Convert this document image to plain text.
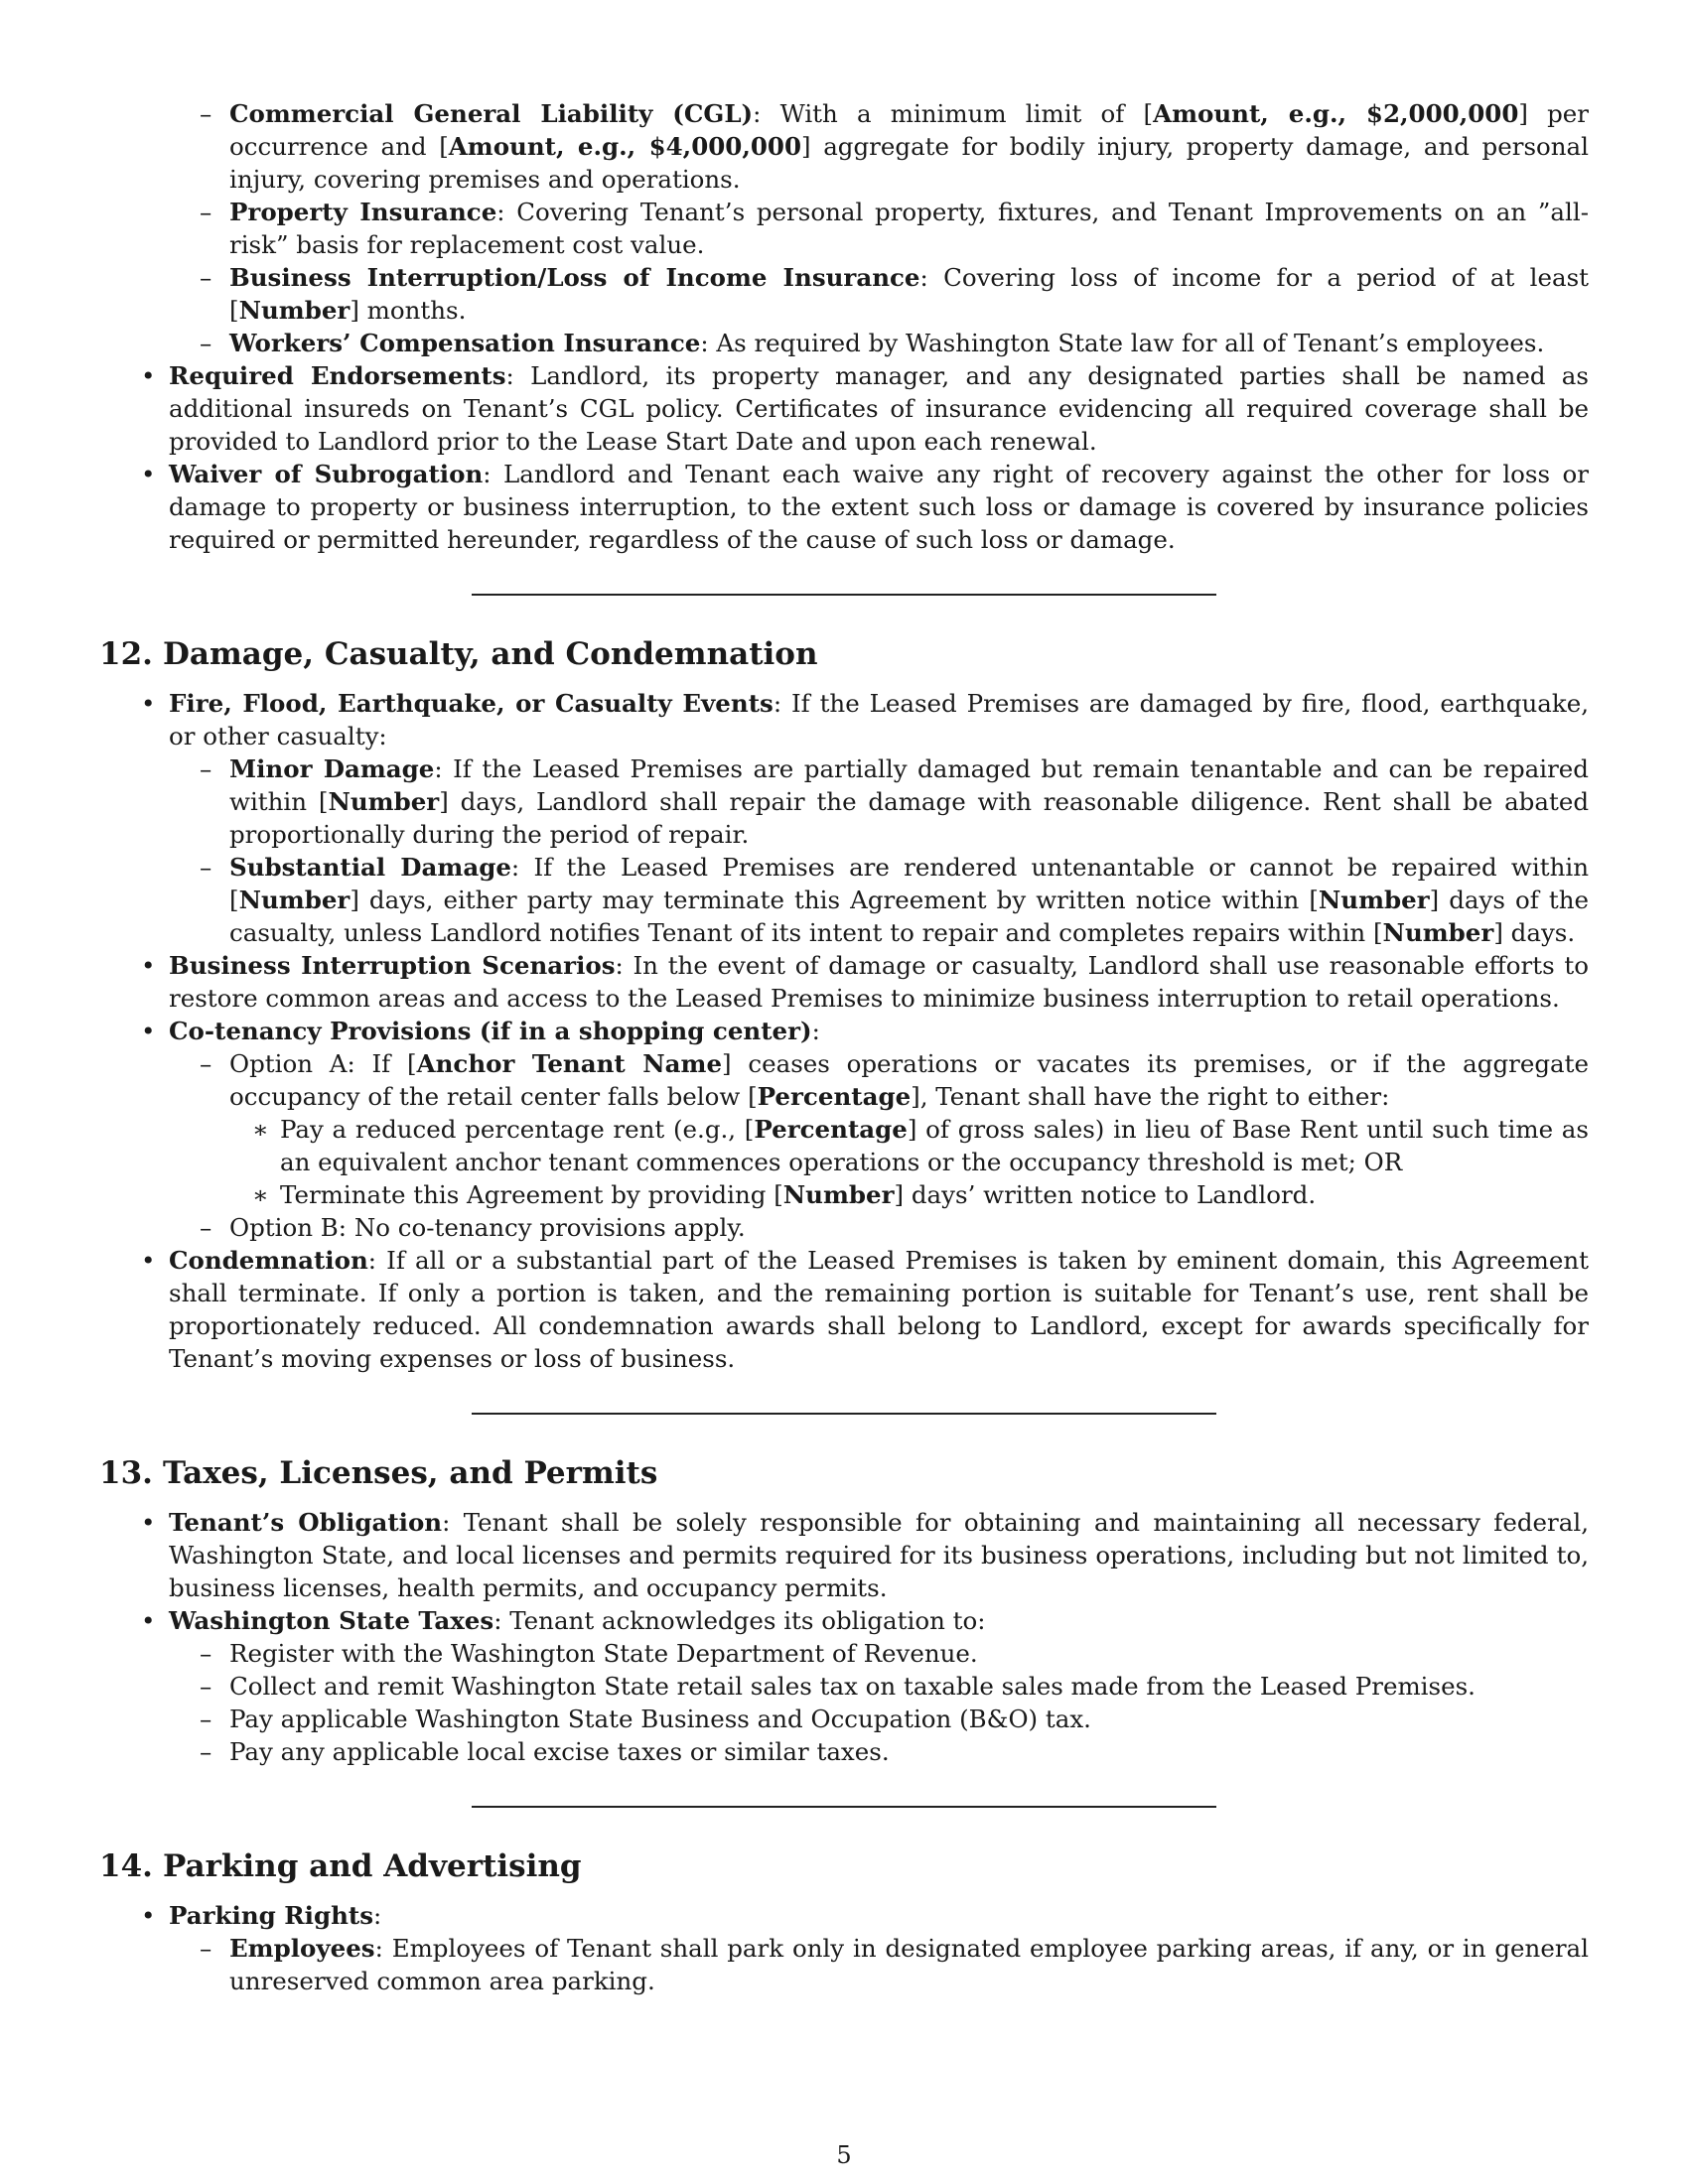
– Commercial General Liability (CGL): With a minimum limit of [Amount, e.g., $2,000,000] per occurrence and [Amount, e.g., $4,000,000] aggregate for bodily injury, property damage, and personal injury, covering premises and operations.
– Property Insurance: Covering Tenant’s personal property, fixtures, and Tenant Improvements on an ”all-risk” basis for replacement cost value.
– Business Interruption/Loss of Income Insurance: Covering loss of income for a period of at least [Number] months.
– Workers’ Compensation Insurance: As required by Washington State law for all of Tenant’s employees.
• Required Endorsements: Landlord, its property manager, and any designated parties shall be named as additional insureds on Tenant’s CGL policy. Certificates of insurance evidencing all required coverage shall be provided to Landlord prior to the Lease Start Date and upon each renewal.
• Waiver of Subrogation: Landlord and Tenant each waive any right of recovery against the other for loss or damage to property or business interruption, to the extent such loss or damage is covered by insurance policies required or permitted hereunder, regardless of the cause of such loss or damage.
12. Damage, Casualty, and Condemnation
• Fire, Flood, Earthquake, or Casualty Events: If the Leased Premises are damaged by fire, flood, earthquake, or other casualty:
– Minor Damage: If the Leased Premises are partially damaged but remain tenantable and can be repaired within [Number] days, Landlord shall repair the damage with reasonable diligence. Rent shall be abated proportionally during the period of repair.
– Substantial Damage: If the Leased Premises are rendered untenantable or cannot be repaired within [Number] days, either party may terminate this Agreement by written notice within [Number] days of the casualty, unless Landlord notifies Tenant of its intent to repair and completes repairs within [Number] days.
• Business Interruption Scenarios: In the event of damage or casualty, Landlord shall use reasonable efforts to restore common areas and access to the Leased Premises to minimize business interruption to retail operations.
• Co-tenancy Provisions (if in a shopping center):
– Option A: If [Anchor Tenant Name] ceases operations or vacates its premises, or if the aggregate occupancy of the retail center falls below [Percentage], Tenant shall have the right to either:
∗ Pay a reduced percentage rent (e.g., [Percentage] of gross sales) in lieu of Base Rent until such time as an equivalent anchor tenant commences operations or the occupancy threshold is met; OR
∗ Terminate this Agreement by providing [Number] days’ written notice to Landlord.
– Option B: No co-tenancy provisions apply.
• Condemnation: If all or a substantial part of the Leased Premises is taken by eminent domain, this Agreement shall terminate. If only a portion is taken, and the remaining portion is suitable for Tenant’s use, rent shall be proportionately reduced. All condemnation awards shall belong to Landlord, except for awards specifically for Tenant’s moving expenses or loss of business.
13. Taxes, Licenses, and Permits
• Tenant’s Obligation: Tenant shall be solely responsible for obtaining and maintaining all necessary federal, Washington State, and local licenses and permits required for its business operations, including but not limited to, business licenses, health permits, and occupancy permits.
• Washington State Taxes: Tenant acknowledges its obligation to:
– Register with the Washington State Department of Revenue.
– Collect and remit Washington State retail sales tax on taxable sales made from the Leased Premises.
– Pay applicable Washington State Business and Occupation (B&O) tax.
– Pay any applicable local excise taxes or similar taxes.
14. Parking and Advertising
• Parking Rights:
– Employees: Employees of Tenant shall park only in designated employee parking areas, if any, or in general unreserved common area parking.
5
